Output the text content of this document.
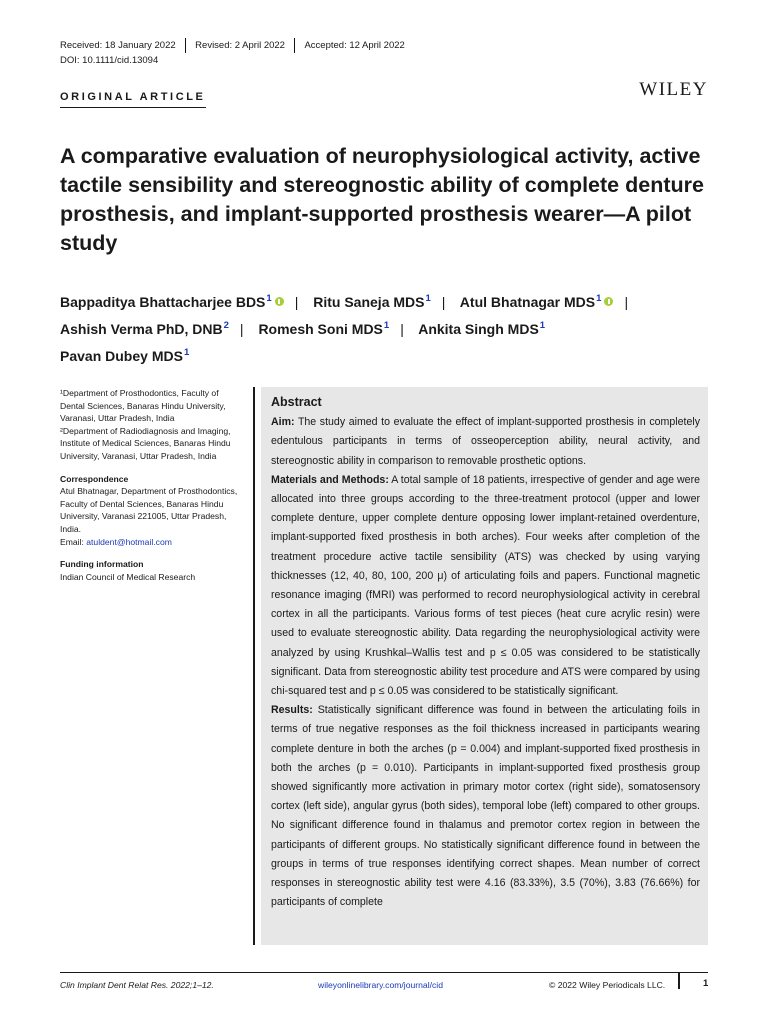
Received: 18 January 2022 Revised: 2 April 2022 Accepted: 12 April 2022
DOI: 10.1111/cid.13094
ORIGINAL ARTICLE	WILEY
A comparative evaluation of neurophysiological activity, active tactile sensibility and stereognostic ability of complete denture prosthesis, and implant-supported prosthesis wearer—A pilot study
Bappaditya Bhattacharjee BDS$^1$ | Ritu Saneja MDS$^1$ | Atul Bhatnagar MDS$^1$ |
Ashish Verma PhD, DNB$^2$ | Romesh Soni MDS$^1$ | Ankita Singh MDS$^1$
Pavan Dubey MDS$^1$

¹Department of Prosthodontics, Faculty of Dental Sciences, Banaras Hindu University, Varanasi, Uttar Pradesh, India

²Department of Radiodiagnosis and Imaging, Institute of Medical Sciences, Banaras Hindu University, Varanasi, Uttar Pradesh, India

Correspondence

Atul Bhatnagar, Department of Prosthodontics, Faculty of Dental Sciences, Banaras Hindu University, Varanasi 221005, Uttar Pradesh, India.

Email: atuldent@hotmail.com

Funding information

Indian Council of Medical Research

Abstract

Aim: The study aimed to evaluate the effect of implant-supported prosthesis in completely edentulous participants in terms of osseoperception ability, neural activity, and stereognostic ability in comparison to removable prosthetic options.

Materials and Methods: A total sample of 18 patients, irrespective of gender and age were allocated into three groups according to the three-treatment protocol (upper and lower complete denture, upper complete denture opposing lower implant-retained overdenture, implant-supported fixed prosthesis in both arches). Four weeks after completion of the treatment procedure active tactile sensibility (ATS) was checked by using varying thicknesses (12, 40, 80, 100, 200 μ) of articulating foils and papers. Functional magnetic resonance imaging (fMRI) was performed to record neurophysiological activity in cerebral cortex in all the participants. Various forms of test pieces (heat cure acrylic resin) were used to evaluate stereognostic ability. Data regarding the neurophysiological activity were analyzed by using Krushkal–Wallis test and p ≤ 0.05 was considered to be statistically significant. Data from stereognostic ability test procedure and ATS were compared by using chi-squared test and p ≤ 0.05 was considered to be statistically significant.

Results: Statistically significant difference was found in between the articulating foils in terms of true negative responses as the foil thickness increased in participants wearing complete denture in both the arches (p = 0.004) and implant-supported fixed prosthesis in both the arches (p = 0.010). Participants in implant-supported fixed prosthesis group showed significantly more activation in primary motor cortex (right side), somatosensory cortex (left side), angular gyrus (both sides), temporal lobe (left) compared to other groups. No significant difference found in thalamus and premotor cortex region in between the participants of different groups. No statistically significant difference found in between the groups in terms of true responses identifying correct shapes. Mean number of correct responses in stereognostic ability test were 4.16 (83.33%), 3.5 (70%), 3.83 (76.66%) for participants of complete

Clin Implant Dent Relat Res. 2022;1–12.	wileyonlinelibrary.com/journal/cid	© 2022 Wiley Periodicals LLC.	1
